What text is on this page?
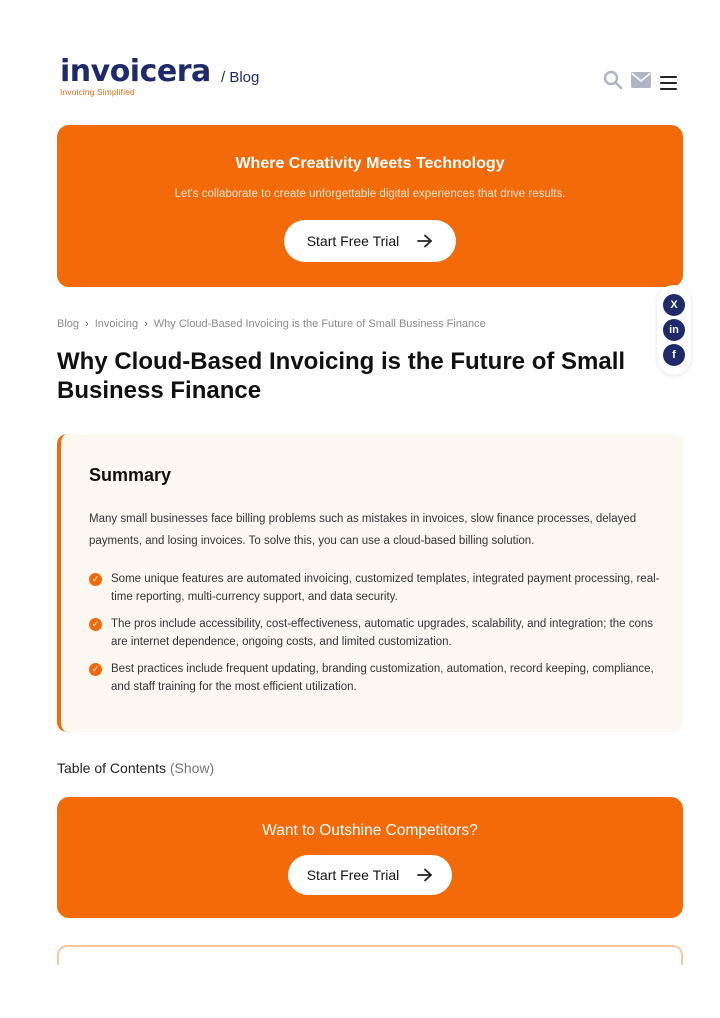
invoicera
Invoicing Simplified
/ Blog
Where Creativity Meets Technology
Let's collaborate to create unforgettable digital experiences that drive results.
Start Free Trial
X
in
f
Blog › Invoicing › Why Cloud-Based Invoicing is the Future of Small Business Finance
Why Cloud-Based Invoicing is the Future of Small Business Finance
Summary

Many small businesses face billing problems such as mistakes in invoices, slow finance processes, delayed payments, and losing invoices. To solve this, you can use a cloud-based billing solution.

✓ Some unique features are automated invoicing, customized templates, integrated payment processing, real-time reporting, multi-currency support, and data security.
✓ The pros include accessibility, cost-effectiveness, automatic upgrades, scalability, and integration; the cons are internet dependence, ongoing costs, and limited customization.
✓ Best practices include frequent updating, branding customization, automation, record keeping, compliance, and staff training for the most efficient utilization.
Table of Contents (Show)
Want to Outshine Competitors?
Start Free Trial
